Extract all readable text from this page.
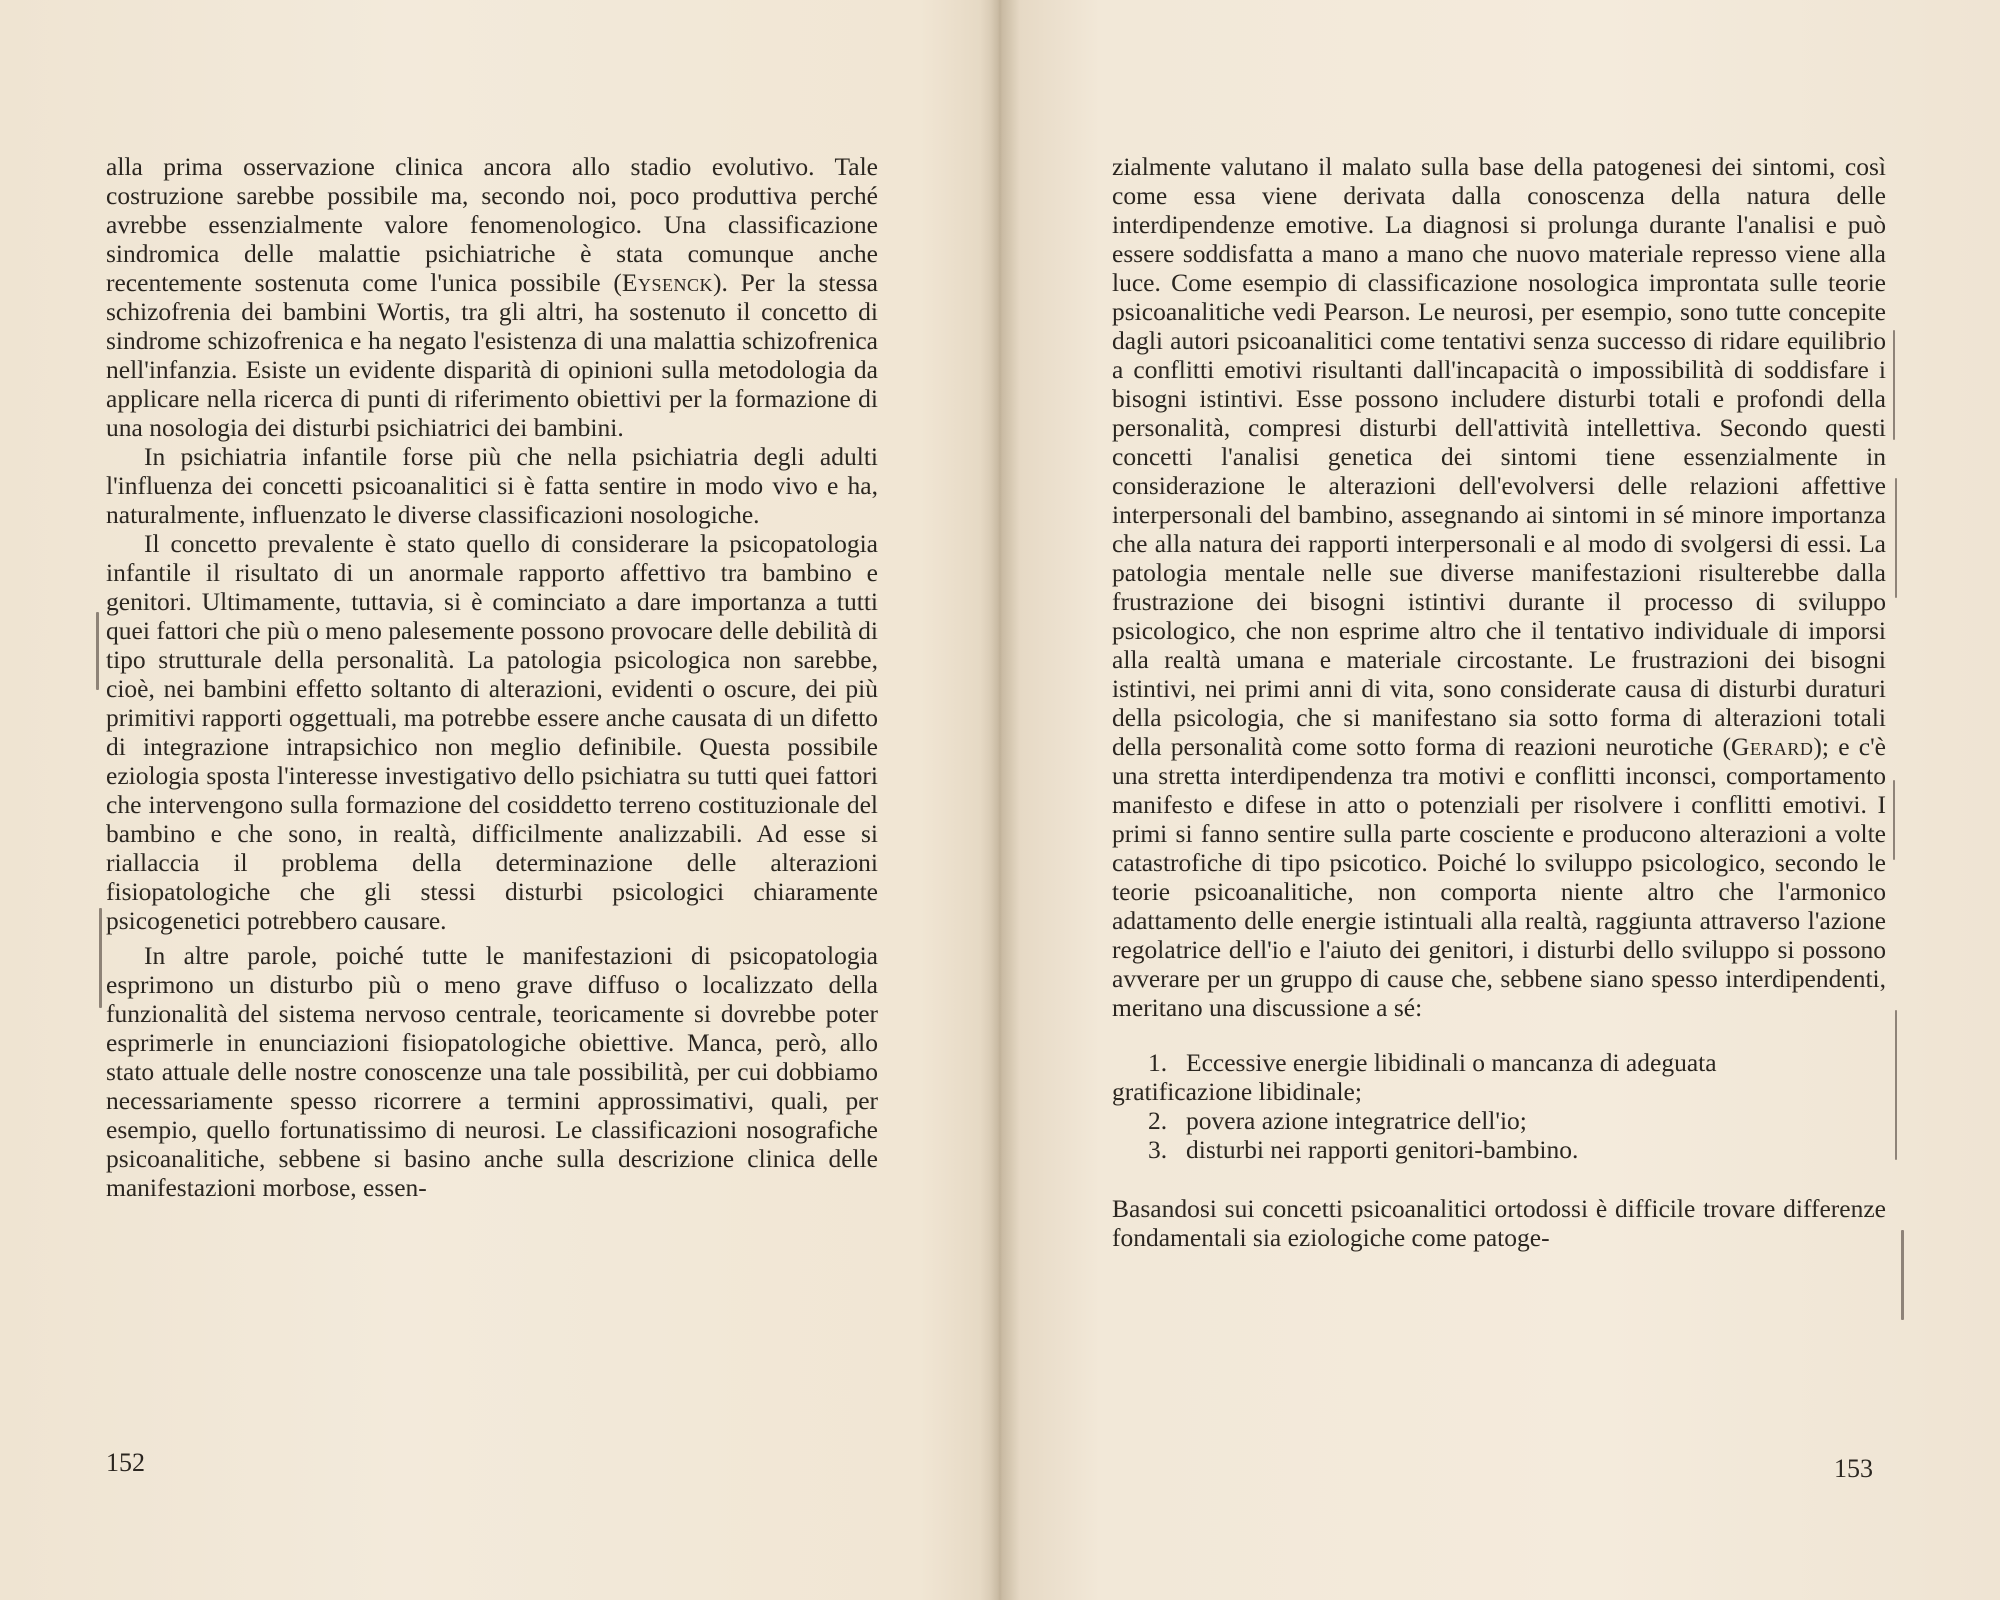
alla prima osservazione clinica ancora allo stadio evolutivo. Tale costruzione sarebbe possibile ma, secondo noi, poco produttiva perché avrebbe essenzialmente valore fenomenologico. Una classificazione sindromica delle malattie psichiatriche è stata comunque anche recentemente sostenuta come l'unica possibile (Eysenck). Per la stessa schizofrenia dei bambini Wortis, tra gli altri, ha sostenuto il concetto di sindrome schizofrenica e ha negato l'esistenza di una malattia schizofrenica nell'infanzia. Esiste un evidente disparità di opinioni sulla metodologia da applicare nella ricerca di punti di riferimento obiettivi per la formazione di una nosologia dei disturbi psichiatrici dei bambini.

In psichiatria infantile forse più che nella psichiatria degli adulti l'influenza dei concetti psicoanalitici si è fatta sentire in modo vivo e ha, naturalmente, influenzato le diverse classificazioni nosologiche.

Il concetto prevalente è stato quello di considerare la psicopatologia infantile il risultato di un anormale rapporto affettivo tra bambino e genitori. Ultimamente, tuttavia, si è cominciato a dare importanza a tutti quei fattori che più o meno palesemente possono provocare delle debilità di tipo strutturale della personalità. La patologia psicologica non sarebbe, cioè, nei bambini effetto soltanto di alterazioni, evidenti o oscure, dei più primitivi rapporti oggettuali, ma potrebbe essere anche causata di un difetto di integrazione intrapsichico non meglio definibile. Questa possibile eziologia sposta l'interesse investigativo dello psichiatra su tutti quei fattori che intervengono sulla formazione del cosiddetto terreno costituzionale del bambino e che sono, in realtà, difficilmente analizzabili. Ad esse si riallaccia il problema della determinazione delle alterazioni fisiopatologiche che gli stessi disturbi psicologici chiaramente psicogenetici potrebbero causare.

In altre parole, poiché tutte le manifestazioni di psicopatologia esprimono un disturbo più o meno grave diffuso o localizzato della funzionalità del sistema nervoso centrale, teoricamente si dovrebbe poter esprimerle in enunciazioni fisiopatologiche obiettive. Manca, però, allo stato attuale delle nostre conoscenze una tale possibilità, per cui dobbiamo necessariamente spesso ricorrere a termini approssimativi, quali, per esempio, quello fortunatissimo di neurosi. Le classificazioni nosografiche psicoanalitiche, sebbene si basino anche sulla descrizione clinica delle manifestazioni morbose, essen-

152

zialmente valutano il malato sulla base della patogenesi dei sintomi, così come essa viene derivata dalla conoscenza della natura delle interdipendenze emotive. La diagnosi si prolunga durante l'analisi e può essere soddisfatta a mano a mano che nuovo materiale represso viene alla luce. Come esempio di classificazione nosologica improntata sulle teorie psicoanalitiche vedi Pearson. Le neurosi, per esempio, sono tutte concepite dagli autori psicoanalitici come tentativi senza successo di ridare equilibrio a conflitti emotivi risultanti dall'incapacità o impossibilità di soddisfare i bisogni istintivi. Esse possono includere disturbi totali e profondi della personalità, compresi disturbi dell'attività intellettiva. Secondo questi concetti l'analisi genetica dei sintomi tiene essenzialmente in considerazione le alterazioni dell'evolversi delle relazioni affettive interpersonali del bambino, assegnando ai sintomi in sé minore importanza che alla natura dei rapporti interpersonali e al modo di svolgersi di essi. La patologia mentale nelle sue diverse manifestazioni risulterebbe dalla frustrazione dei bisogni istintivi durante il processo di sviluppo psicologico, che non esprime altro che il tentativo individuale di imporsi alla realtà umana e materiale circostante. Le frustrazioni dei bisogni istintivi, nei primi anni di vita, sono considerate causa di disturbi duraturi della psicologia, che si manifestano sia sotto forma di alterazioni totali della personalità come sotto forma di reazioni neurotiche (Gerard); e c'è una stretta interdipendenza tra motivi e conflitti inconsci, comportamento manifesto e difese in atto o potenziali per risolvere i conflitti emotivi. I primi si fanno sentire sulla parte cosciente e producono alterazioni a volte catastrofiche di tipo psicotico. Poiché lo sviluppo psicologico, secondo le teorie psicoanalitiche, non comporta niente altro che l'armonico adattamento delle energie istintuali alla realtà, raggiunta attraverso l'azione regolatrice dell'io e l'aiuto dei genitori, i disturbi dello sviluppo si possono avverare per un gruppo di cause che, sebbene siano spesso interdipendenti, meritano una discussione a sé:

1. Eccessive energie libidinali o mancanza di adeguata
gratificazione libidinale;
2. povera azione integratrice dell'io;
3. disturbi nei rapporti genitori-bambino.

Basandosi sui concetti psicoanalitici ortodossi è difficile trovare differenze fondamentali sia eziologiche come patoge-

153
